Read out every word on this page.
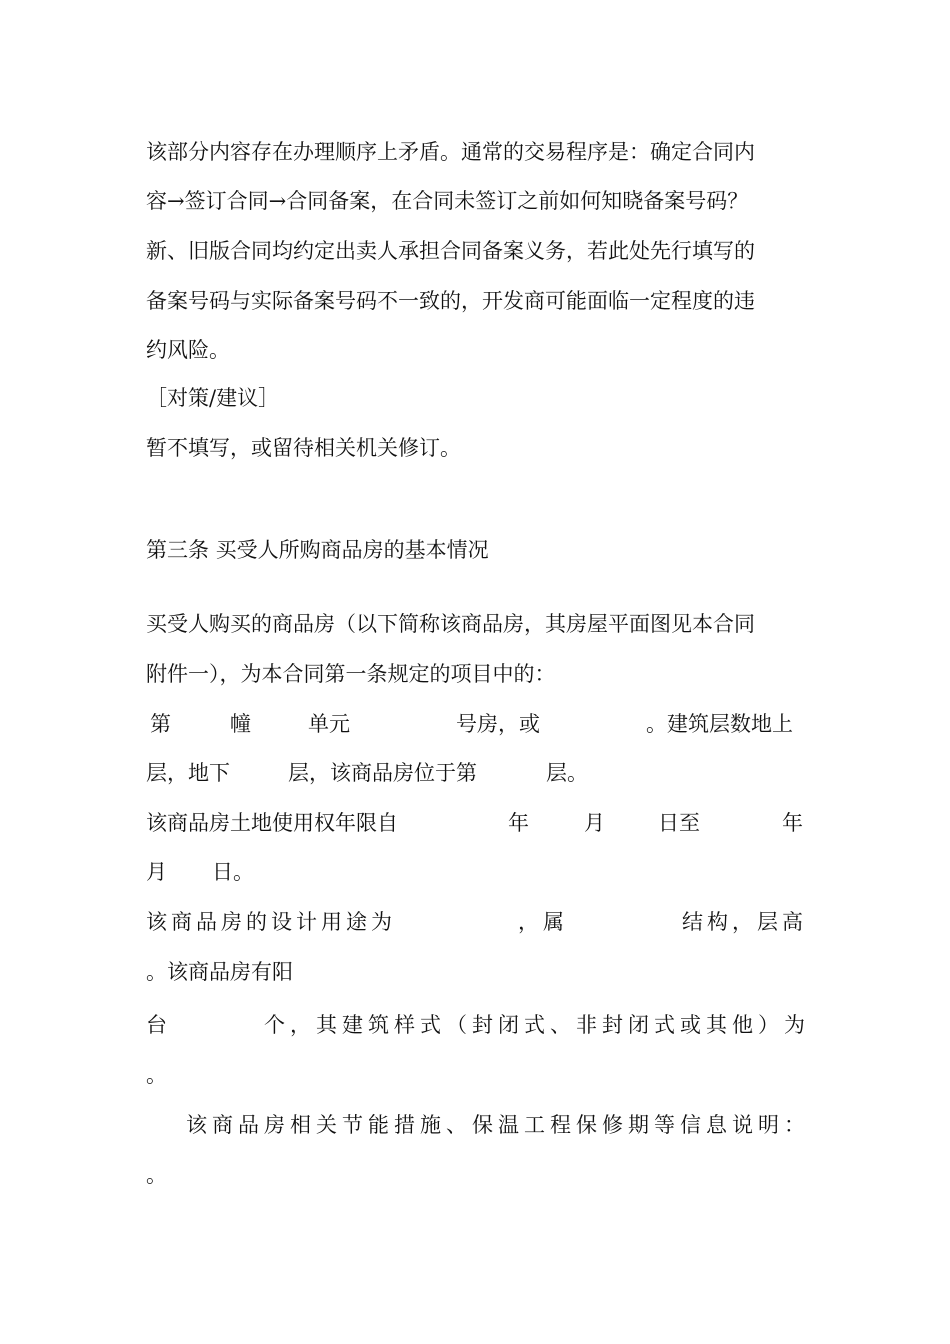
该部分内容存在办理顺序上矛盾。通常的交易程序是：确定合同内
容→签订合同→合同备案，在合同未签订之前如何知晓备案号码？
新、旧版合同均约定出卖人承担合同备案义务，若此处先行填写的
备案号码与实际备案号码不一致的，开发商可能面临一定程度的违
约风险。
［对策/建议］
暂不填写，或留待相关机关修订。
第三条 买受人所购商品房的基本情况
买受人购买的商品房（以下简称该商品房，其房屋平面图见本合同
附件一），为本合同第一条规定的项目中的：
第	幢	单元	号房，或	。建筑层数地上
层，地下	层，该商品房位于第	层。
该商品房土地使用权年限自	年	月	日至	年
月 日。
该商品房的设计用途为	，属	结构，层高
。该商品房有阳
台	个，其建筑样式（封闭式、非封闭式或其他）为
。
该商品房相关节能措施、保温工程保修期等信息说明：
。
